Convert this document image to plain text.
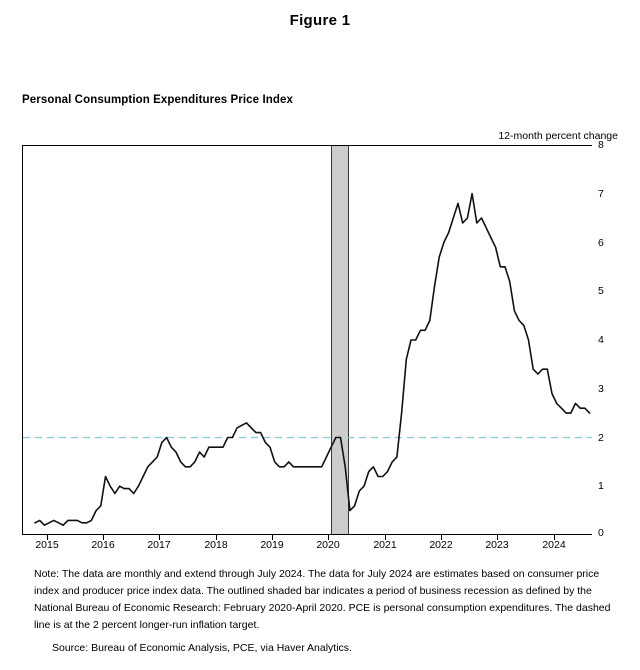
Figure 1
Personal Consumption Expenditures Price Index
12-month percent change
8
7
6
5
4
3
2
1
0
2015	2016	2017	2018	2019	2020	2021	2022	2023	2024
Note: The data are monthly and extend through July 2024. The data for July 2024 are estimates based on consumer price index and producer price index data. The outlined shaded bar indicates a period of business recession as defined by the National Bureau of Economic Research: February 2020-April 2020. PCE is personal consumption expenditures. The dashed line is at the 2 percent longer-run inflation target.
Source: Bureau of Economic Analysis, PCE, via Haver Analytics.
